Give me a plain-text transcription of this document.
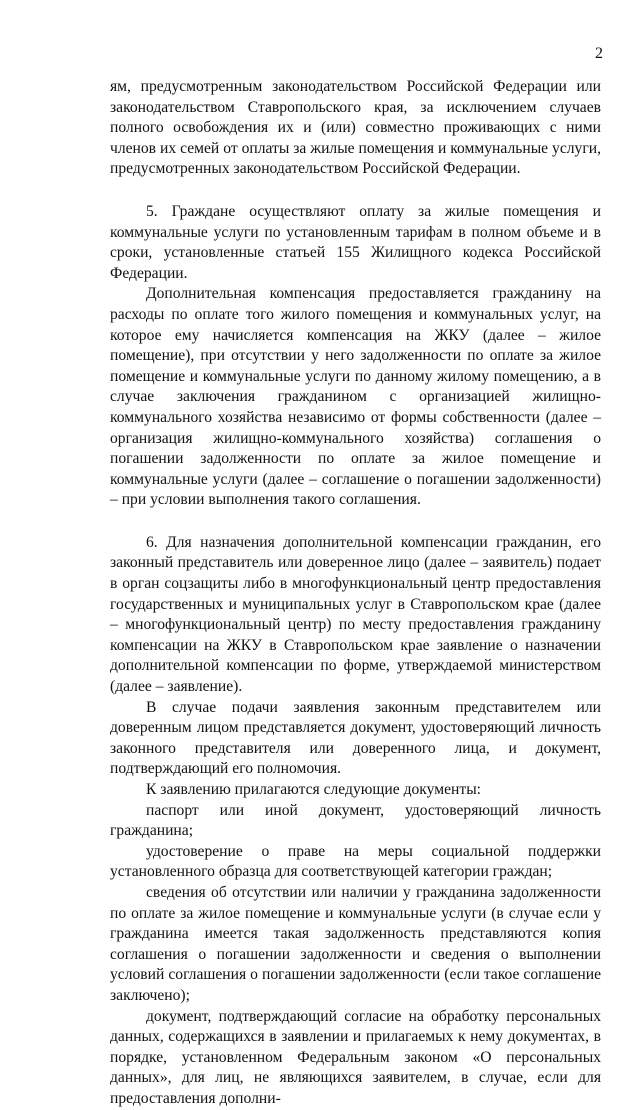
2

ям, предусмотренным законодательством Российской Федерации или законодательством Ставропольского края, за исключением случаев полного освобождения их и (или) совместно проживающих с ними членов их семей от оплаты за жилые помещения и коммунальные услуги, предусмотренных законодательством Российской Федерации.

5. Граждане осуществляют оплату за жилые помещения и коммунальные услуги по установленным тарифам в полном объеме и в сроки, установленные статьей 155 Жилищного кодекса Российской Федерации.

Дополнительная компенсация предоставляется гражданину на расходы по оплате того жилого помещения и коммунальных услуг, на которое ему начисляется компенсация на ЖКУ (далее – жилое помещение), при отсутствии у него задолженности по оплате за жилое помещение и коммунальные услуги по данному жилому помещению, а в случае заключения гражданином с организацией жилищно-коммунального хозяйства независимо от формы собственности (далее – организация жилищно-коммунального хозяйства) соглашения о погашении задолженности по оплате за жилое помещение и коммунальные услуги (далее – соглашение о погашении задолженности) – при условии выполнения такого соглашения.

6. Для назначения дополнительной компенсации гражданин, его законный представитель или доверенное лицо (далее – заявитель) подает в орган соцзащиты либо в многофункциональный центр предоставления государственных и муниципальных услуг в Ставропольском крае (далее – многофункциональный центр) по месту предоставления гражданину компенсации на ЖКУ в Ставропольском крае заявление о назначении дополнительной компенсации по форме, утверждаемой министерством (далее – заявление).

В случае подачи заявления законным представителем или доверенным лицом представляется документ, удостоверяющий личность законного представителя или доверенного лица, и документ, подтверждающий его полномочия.

К заявлению прилагаются следующие документы:

паспорт или иной документ, удостоверяющий личность гражданина;

удостоверение о праве на меры социальной поддержки установленного образца для соответствующей категории граждан;

сведения об отсутствии или наличии у гражданина задолженности по оплате за жилое помещение и коммунальные услуги (в случае если у гражданина имеется такая задолженность представляются копия соглашения о погашении задолженности и сведения о выполнении условий соглашения о погашении задолженности (если такое соглашение заключено);

документ, подтверждающий согласие на обработку персональных данных, содержащихся в заявлении и прилагаемых к нему документах, в порядке, установленном Федеральным законом «О персональных данных», для лиц, не являющихся заявителем, в случае, если для предоставления дополни-
